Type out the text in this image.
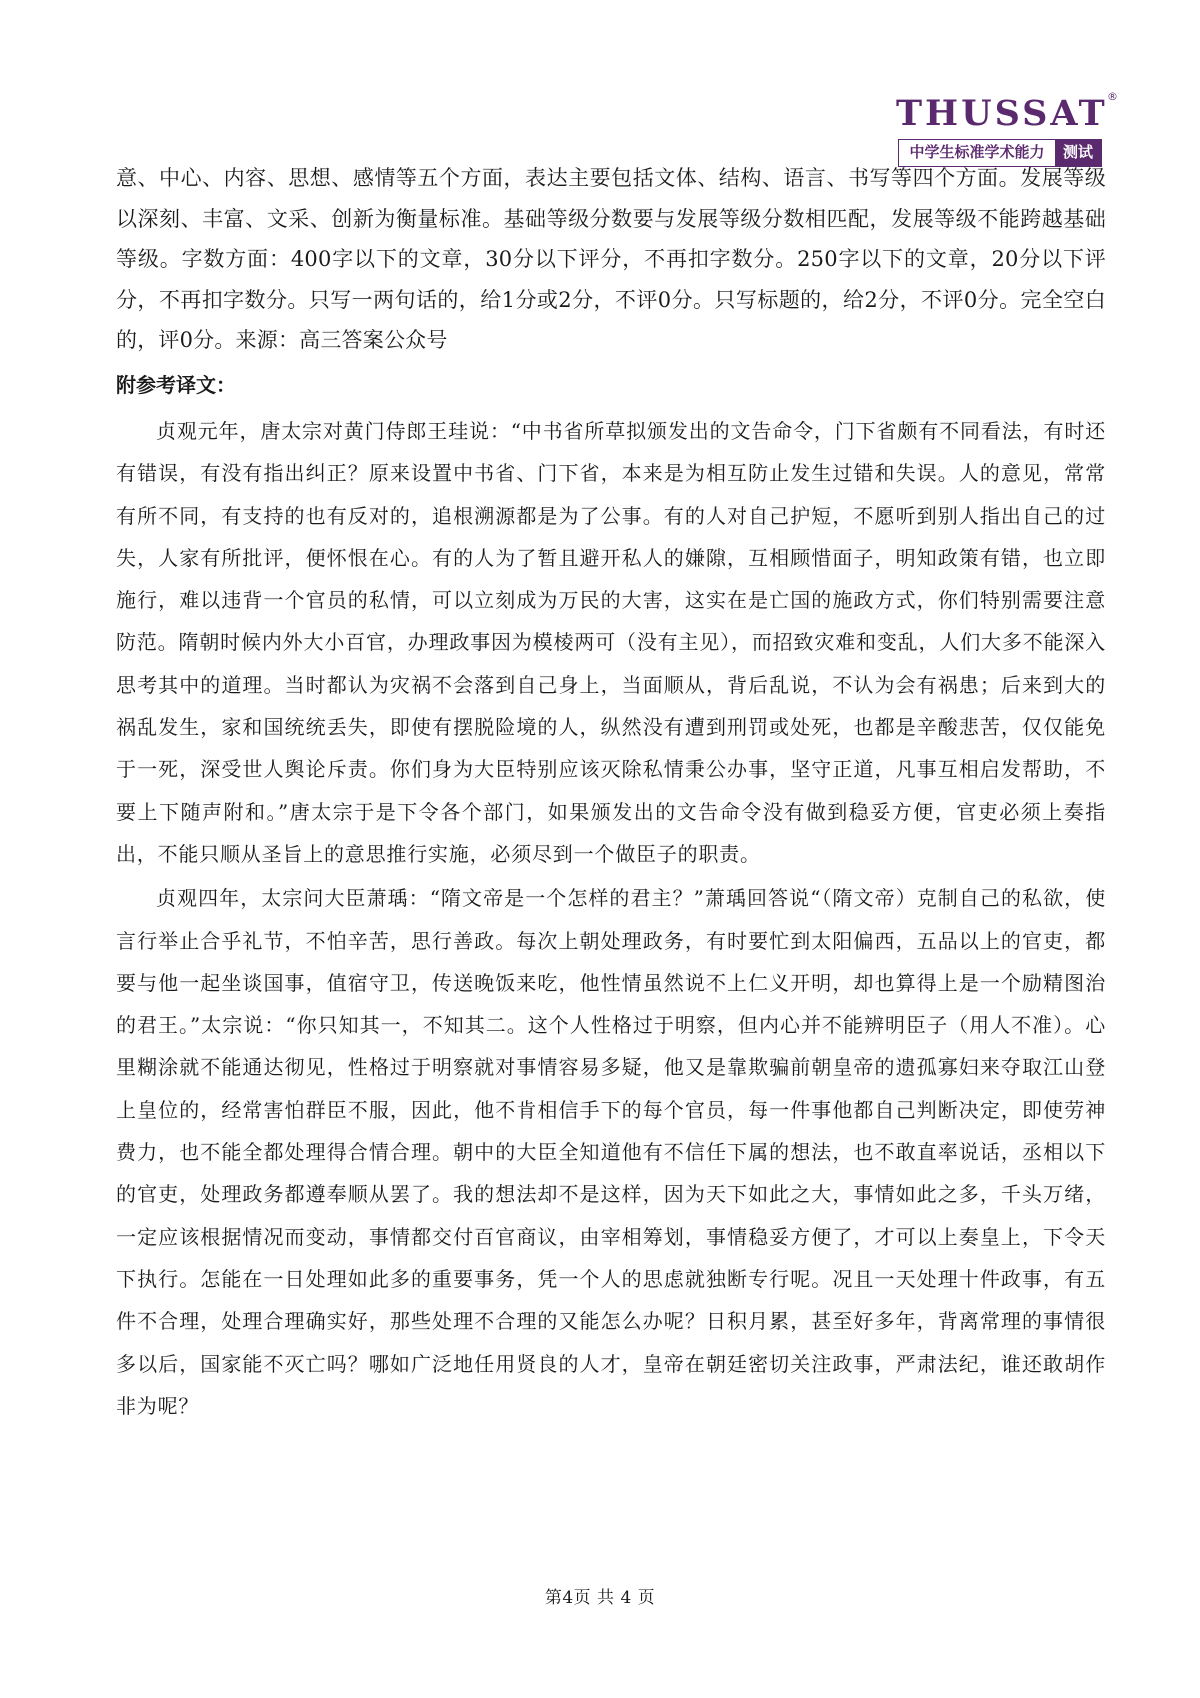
THUSSAT ®
中学生标准学术能力	测试

意、中心、内容、思想、感情等五个方面，表达主要包括文体、结构、语言、书写等四个方面。发展等级以深刻、丰富、文采、创新为衡量标准。基础等级分数要与发展等级分数相匹配，发展等级不能跨越基础等级。字数方面：400字以下的文章，30分以下评分，不再扣字数分。250字以下的文章，20分以下评分，不再扣字数分。只写一两句话的，给1分或2分，不评0分。只写标题的，给2分，不评0分。完全空白的，评0分。来源：高三答案公众号

附参考译文：

贞观元年，唐太宗对黄门侍郎王珪说：“中书省所草拟颁发出的文告命令，门下省颇有不同看法，有时还有错误，有没有指出纠正？原来设置中书省、门下省，本来是为相互防止发生过错和失误。人的意见，常常有所不同，有支持的也有反对的，追根溯源都是为了公事。有的人对自己护短，不愿听到别人指出自己的过失，人家有所批评，便怀恨在心。有的人为了暂且避开私人的嫌隙，互相顾惜面子，明知政策有错，也立即施行，难以违背一个官员的私情，可以立刻成为万民的大害，这实在是亡国的施政方式，你们特别需要注意防范。隋朝时候内外大小百官，办理政事因为模棱两可（没有主见），而招致灾难和变乱，人们大多不能深入思考其中的道理。当时都认为灾祸不会落到自己身上，当面顺从，背后乱说，不认为会有祸患；后来到大的祸乱发生，家和国统统丢失，即使有摆脱险境的人，纵然没有遭到刑罚或处死，也都是辛酸悲苦，仅仅能免于一死，深受世人舆论斥责。你们身为大臣特别应该灭除私情秉公办事，坚守正道，凡事互相启发帮助，不要上下随声附和。”唐太宗于是下令各个部门，如果颁发出的文告命令没有做到稳妥方便，官吏必须上奏指出，不能只顺从圣旨上的意思推行实施，必须尽到一个做臣子的职责。

贞观四年，太宗问大臣萧瑀：“隋文帝是一个怎样的君主？”萧瑀回答说“（隋文帝）克制自己的私欲，使言行举止合乎礼节，不怕辛苦，思行善政。每次上朝处理政务，有时要忙到太阳偏西，五品以上的官吏，都要与他一起坐谈国事，值宿守卫，传送晚饭来吃，他性情虽然说不上仁义开明，却也算得上是一个励精图治的君王。”太宗说：“你只知其一，不知其二。这个人性格过于明察，但内心并不能辨明臣子（用人不准）。心里糊涂就不能通达彻见，性格过于明察就对事情容易多疑，他又是靠欺骗前朝皇帝的遗孤寡妇来夺取江山登上皇位的，经常害怕群臣不服，因此，他不肯相信手下的每个官员，每一件事他都自己判断决定，即使劳神费力，也不能全都处理得合情合理。朝中的大臣全知道他有不信任下属的想法，也不敢直率说话，丞相以下的官吏，处理政务都遵奉顺从罢了。我的想法却不是这样，因为天下如此之大，事情如此之多，千头万绪，一定应该根据情况而变动，事情都交付百官商议，由宰相筹划，事情稳妥方便了，才可以上奏皇上，下令天下执行。怎能在一日处理如此多的重要事务，凭一个人的思虑就独断专行呢。况且一天处理十件政事，有五件不合理，处理合理确实好，那些处理不合理的又能怎么办呢？日积月累，甚至好多年，背离常理的事情很多以后，国家能不灭亡吗？哪如广泛地任用贤良的人才，皇帝在朝廷密切关注政事，严肃法纪，谁还敢胡作非为呢？

第4页 共 4 页
